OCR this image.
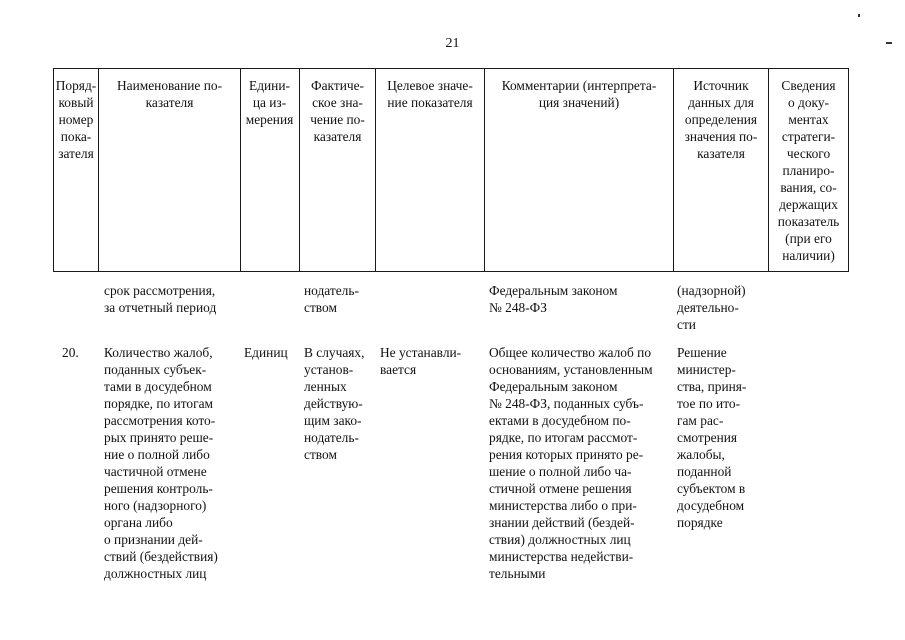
21
Поряд-
ковый
номер
пока-
зателя
Наименование по-
казателя
Едини-
ца из-
мерения
Фактиче-
ское зна-
чение по-
казателя
Целевое значе-
ние показателя
Комментарии (интерпрета-
ция значений)
Источник
данных для
определения
значения по-
казателя
Сведения
о доку-
ментах
стратеги-
ческого
планиро-
вания, со-
держащих
показатель
(при его
наличии)
срок рассмотрения,
за отчетный период
нодатель-
ством
Федеральным законом
№ 248-ФЗ
(надзорной)
деятельно-
сти
20.	Количество жалоб,
поданных субъек-
тами в досудебном
порядке, по итогам
рассмотрения кото-
рых принято реше-
ние о полной либо
частичной отмене
решения контроль-
ного (надзорного)
органа либо
о признании дей-
ствий (бездействия)
должностных лиц
Единиц	В случаях,
установ-
ленных
действую-
щим зако-
нодатель-
ством
Не устанавли-
вается
Общее количество жалоб по
основаниям, установленным
Федеральным законом
№ 248-ФЗ, поданных субъ-
ектами в досудебном по-
рядке, по итогам рассмот-
рения которых принято ре-
шение о полной либо ча-
стичной отмене решения
министерства либо о при-
знании действий (бездей-
ствия) должностных лиц
министерства недействи-
тельными
Решение
министер-
ства, приня-
тое по ито-
гам рас-
смотрения
жалобы,
поданной
субъектом в
досудебном
порядке
